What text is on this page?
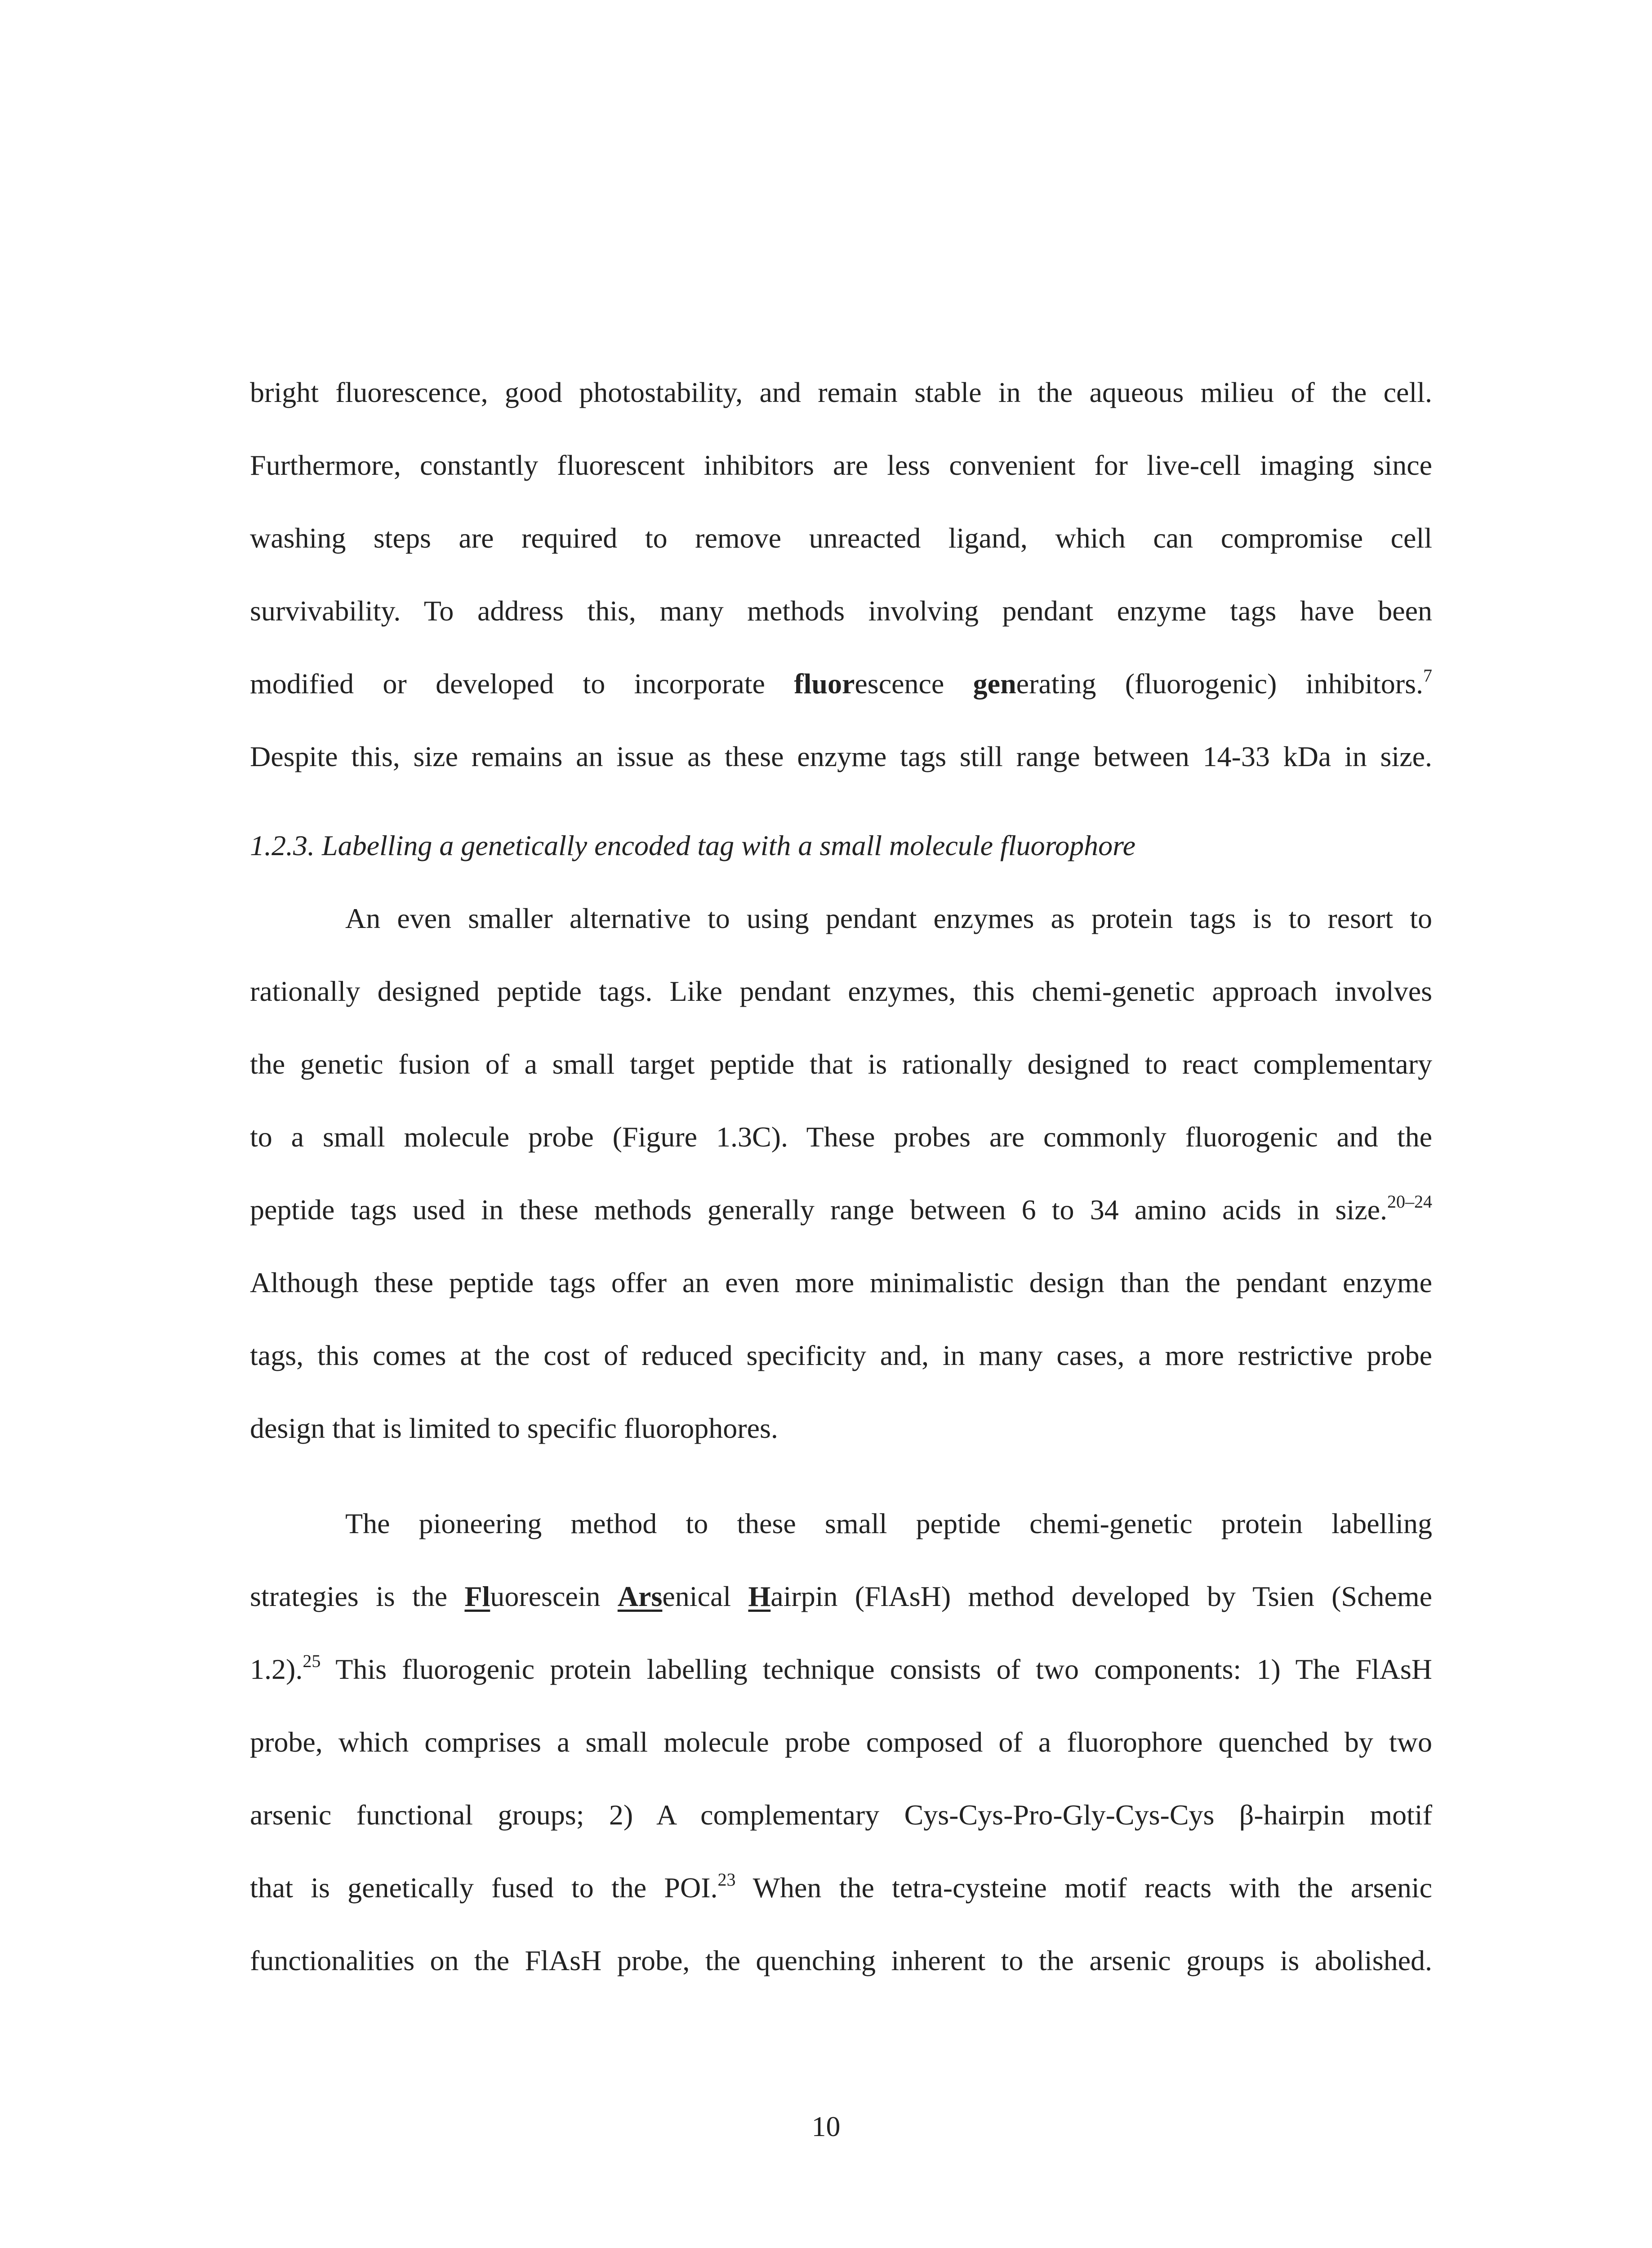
bright fluorescence, good photostability, and remain stable in the aqueous milieu of the cell.
Furthermore, constantly fluorescent inhibitors are less convenient for live-cell imaging since
washing steps are required to remove unreacted ligand, which can compromise cell
survivability. To address this, many methods involving pendant enzyme tags have been
modified or developed to incorporate fluorescence generating (fluorogenic) inhibitors.$^7$
Despite this, size remains an issue as these enzyme tags still range between 14-33 kDa in size.
1.2.3. Labelling a genetically encoded tag with a small molecule fluorophore
An even smaller alternative to using pendant enzymes as protein tags is to resort to
rationally designed peptide tags. Like pendant enzymes, this chemi-genetic approach involves
the genetic fusion of a small target peptide that is rationally designed to react complementary
to a small molecule probe (Figure 1.3C). These probes are commonly fluorogenic and the
peptide tags used in these methods generally range between 6 to 34 amino acids in size.$^{20-24}$
Although these peptide tags offer an even more minimalistic design than the pendant enzyme
tags, this comes at the cost of reduced specificity and, in many cases, a more restrictive probe
design that is limited to specific fluorophores.
The pioneering method to these small peptide chemi-genetic protein labelling
strategies is the Fluorescein Arsenical Hairpin (FlAsH) method developed by Tsien (Scheme
1.2).$^{25}$ This fluorogenic protein labelling technique consists of two components: 1) The FlAsH
probe, which comprises a small molecule probe composed of a fluorophore quenched by two
arsenic functional groups; 2) A complementary Cys-Cys-Pro-Gly-Cys-Cys β-hairpin motif
that is genetically fused to the POI.$^{23}$ When the tetra-cysteine motif reacts with the arsenic
functionalities on the FlAsH probe, the quenching inherent to the arsenic groups is abolished.
10
